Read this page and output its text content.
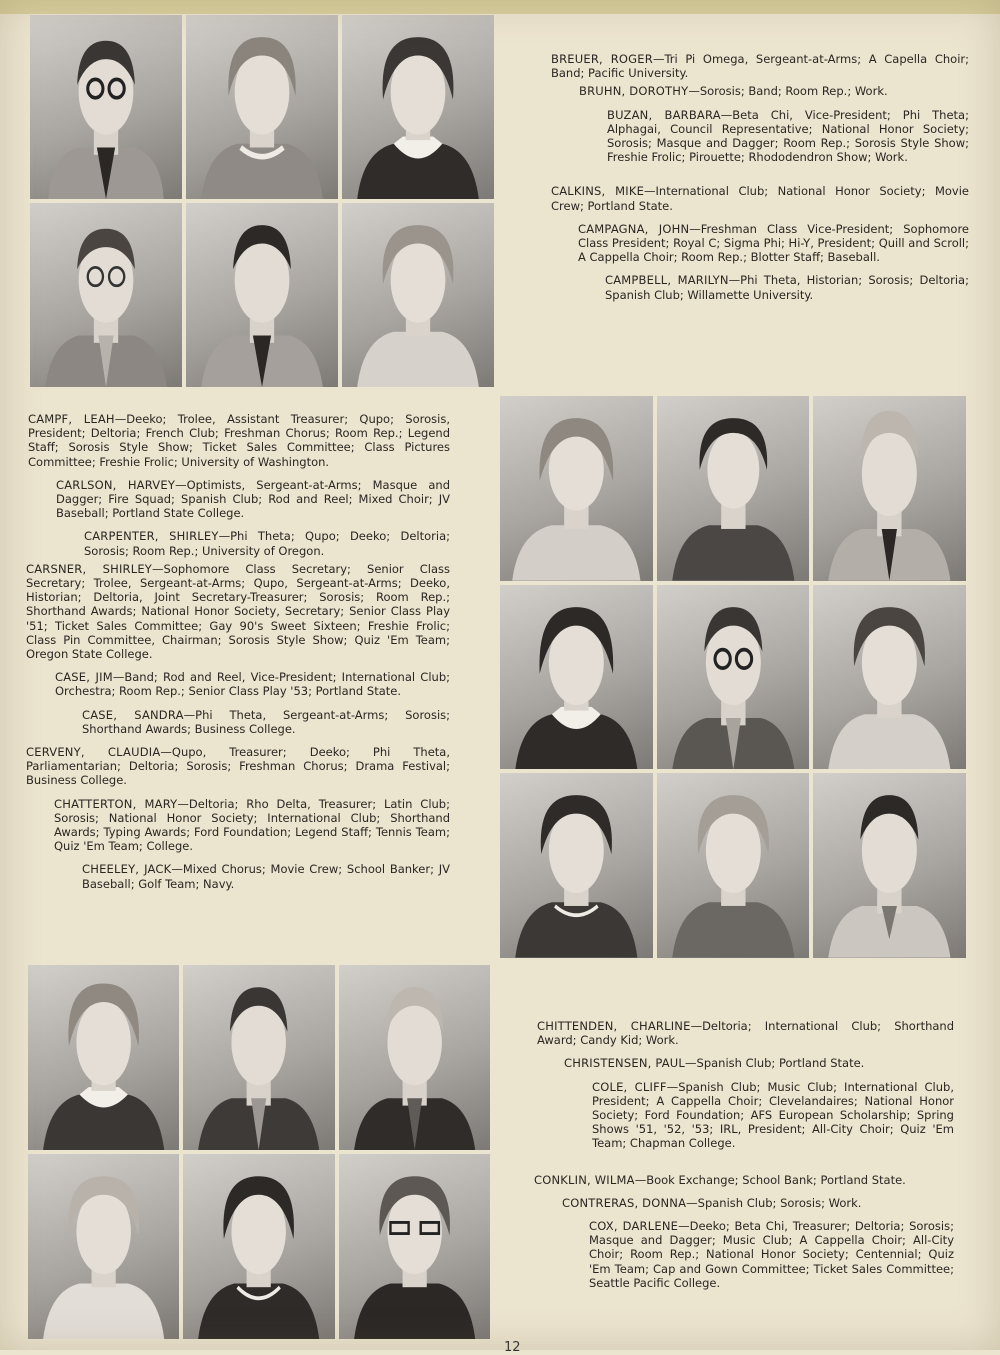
BREUER, ROGER—Tri Pi Omega, Sergeant-at-Arms; A Capella Choir; Band; Pacific University.
BRUHN, DOROTHY—Sorosis; Band; Room Rep.; Work.
BUZAN, BARBARA—Beta Chi, Vice-President; Phi Theta; Alphagai, Council Representative; National Honor Society; Sorosis; Masque and Dagger; Room Rep.; Sorosis Style Show; Freshie Frolic; Pirouette; Rhododendron Show; Work.
CALKINS, MIKE—International Club; National Honor Society; Movie Crew; Portland State.
CAMPAGNA, JOHN—Freshman Class Vice-President; Sophomore Class President; Royal C; Sigma Phi; Hi-Y, President; Quill and Scroll; A Cappella Choir; Room Rep.; Blotter Staff; Baseball.
CAMPBELL, MARILYN—Phi Theta, Historian; Sorosis; Deltoria; Spanish Club; Willamette University.
CAMPF, LEAH—Deeko; Trolee, Assistant Treasurer; Qupo; Sorosis, President; Deltoria; French Club; Freshman Chorus; Room Rep.; Legend Staff; Sorosis Style Show; Ticket Sales Committee; Class Pictures Committee; Freshie Frolic; University of Washington.
CARLSON, HARVEY—Optimists, Sergeant-at-Arms; Masque and Dagger; Fire Squad; Spanish Club; Rod and Reel; Mixed Choir; JV Baseball; Portland State College.
CARPENTER, SHIRLEY—Phi Theta; Qupo; Deeko; Deltoria; Sorosis; Room Rep.; University of Oregon.
CARSNER, SHIRLEY—Sophomore Class Secretary; Senior Class Secretary; Trolee, Sergeant-at-Arms; Qupo, Sergeant-at-Arms; Deeko, Historian; Deltoria, Joint Secretary-Treasurer; Sorosis; Room Rep.; Shorthand Awards; National Honor Society, Secretary; Senior Class Play '51; Ticket Sales Committee; Gay 90's Sweet Sixteen; Freshie Frolic; Class Pin Committee, Chairman; Sorosis Style Show; Quiz 'Em Team; Oregon State College.
CASE, JIM—Band; Rod and Reel, Vice-President; International Club; Orchestra; Room Rep.; Senior Class Play '53; Portland State.
CASE, SANDRA—Phi Theta, Sergeant-at-Arms; Sorosis; Shorthand Awards; Business College.
CERVENY, CLAUDIA—Qupo, Treasurer; Deeko; Phi Theta, Parliamentarian; Deltoria; Sorosis; Freshman Chorus; Drama Festival; Business College.
CHATTERTON, MARY—Deltoria; Rho Delta, Treasurer; Latin Club; Sorosis; National Honor Society; International Club; Shorthand Awards; Typing Awards; Ford Foundation; Legend Staff; Tennis Team; Quiz 'Em Team; College.
CHEELEY, JACK—Mixed Chorus; Movie Crew; School Banker; JV Baseball; Golf Team; Navy.
CHITTENDEN, CHARLINE—Deltoria; International Club; Shorthand Award; Candy Kid; Work.
CHRISTENSEN, PAUL—Spanish Club; Portland State.
COLE, CLIFF—Spanish Club; Music Club; International Club, President; A Cappella Choir; Clevelandaires; National Honor Society; Ford Foundation; AFS European Scholarship; Spring Shows '51, '52, '53; IRL, President; All-City Choir; Quiz 'Em Team; Chapman College.
CONKLIN, WILMA—Book Exchange; School Bank; Portland State.
CONTRERAS, DONNA—Spanish Club; Sorosis; Work.
COX, DARLENE—Deeko; Beta Chi, Treasurer; Deltoria; Sorosis; Masque and Dagger; Music Club; A Cappella Choir; All-City Choir; Room Rep.; National Honor Society; Centennial; Quiz 'Em Team; Cap and Gown Committee; Ticket Sales Committee; Seattle Pacific College.
12
